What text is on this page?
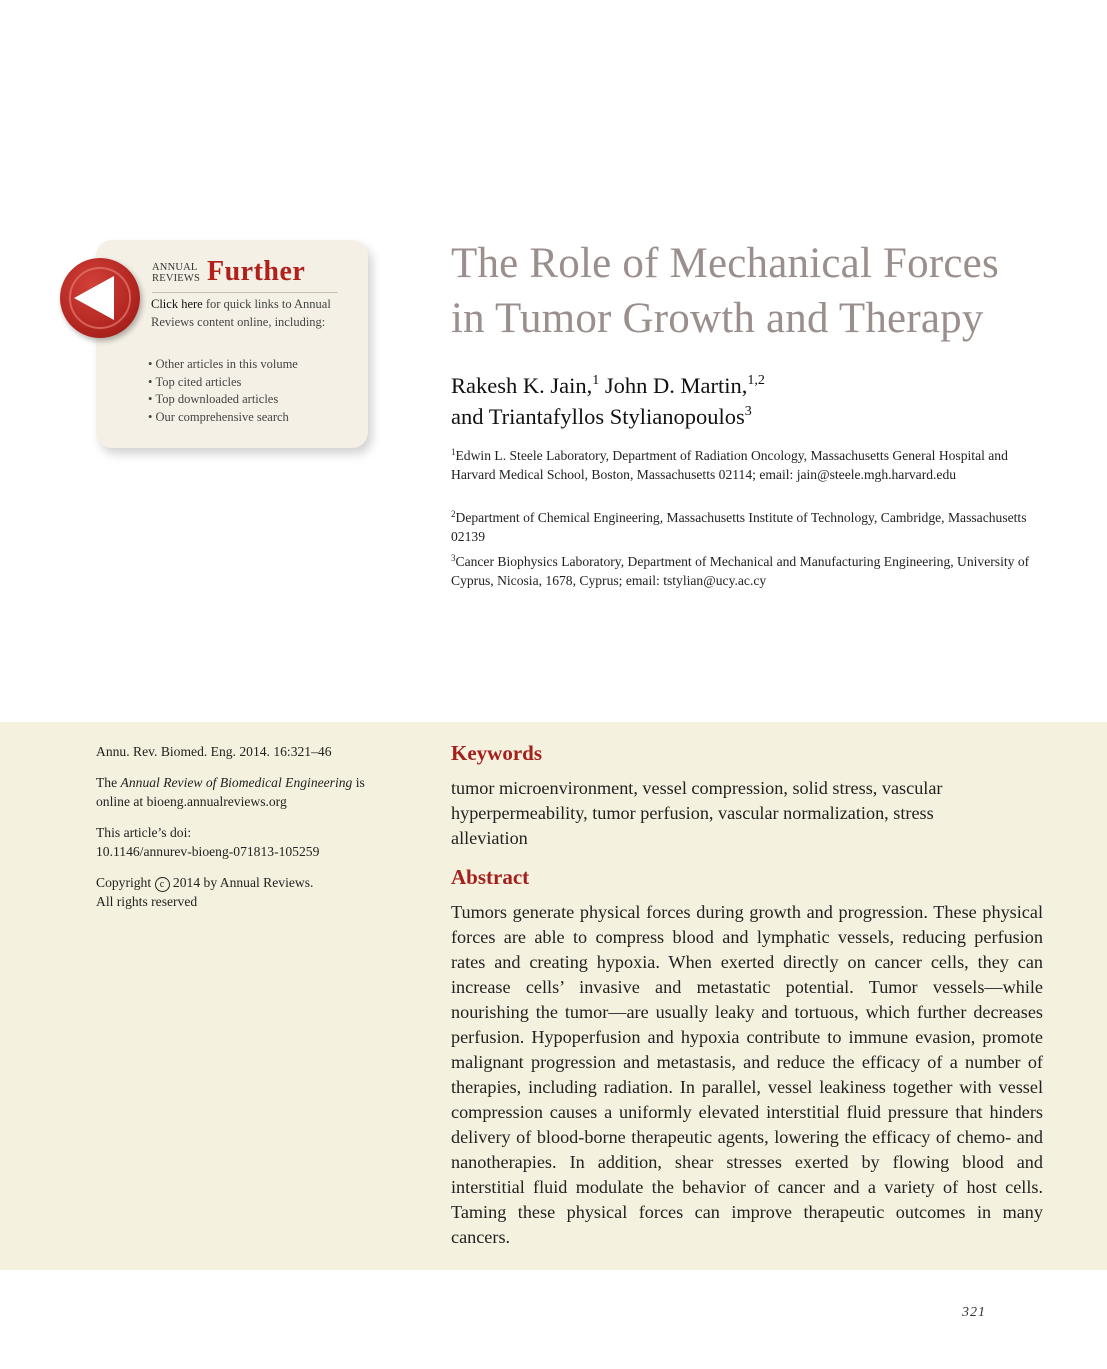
ANNUAL
REVIEWS Further
Click here for quick links to Annual Reviews content online, including:
• Other articles in this volume
• Top cited articles
• Top downloaded articles
• Our comprehensive search
The Role of Mechanical Forces
in Tumor Growth and Therapy
Rakesh K. Jain,$^1$ John D. Martin,$^{1,2}$
and Triantafyllos Stylianopoulos$^3$
$^1$Edwin L. Steele Laboratory, Department of Radiation Oncology, Massachusetts General Hospital and Harvard Medical School, Boston, Massachusetts 02114; email: jain@steele.mgh.harvard.edu
$^2$Department of Chemical Engineering, Massachusetts Institute of Technology, Cambridge, Massachusetts 02139
$^3$Cancer Biophysics Laboratory, Department of Mechanical and Manufacturing Engineering, University of Cyprus, Nicosia, 1678, Cyprus; email: tstylian@ucy.ac.cy
Annu. Rev. Biomed. Eng. 2014. 16:321–46
The Annual Review of Biomedical Engineering is online at bioeng.annualreviews.org
This article’s doi:
10.1146/annurev-bioeng-071813-105259
Copyright c 2014 by Annual Reviews.
All rights reserved
Keywords
tumor microenvironment, vessel compression, solid stress, vascular hyperpermeability, tumor perfusion, vascular normalization, stress alleviation
Abstract
Tumors generate physical forces during growth and progression. These physical forces are able to compress blood and lymphatic vessels, reducing perfusion rates and creating hypoxia. When exerted directly on cancer cells, they can increase cells’ invasive and metastatic potential. Tumor vessels—while nourishing the tumor—are usually leaky and tortuous, which further decreases perfusion. Hypoperfusion and hypoxia contribute to immune evasion, promote malignant progression and metastasis, and reduce the efficacy of a number of therapies, including radiation. In parallel, vessel leakiness together with vessel compression causes a uniformly elevated interstitial fluid pressure that hinders delivery of blood-borne therapeutic agents, lowering the efficacy of chemo- and nanotherapies. In addition, shear stresses exerted by flowing blood and interstitial fluid modulate the behavior of cancer and a variety of host cells. Taming these physical forces can improve therapeutic outcomes in many cancers.
321
